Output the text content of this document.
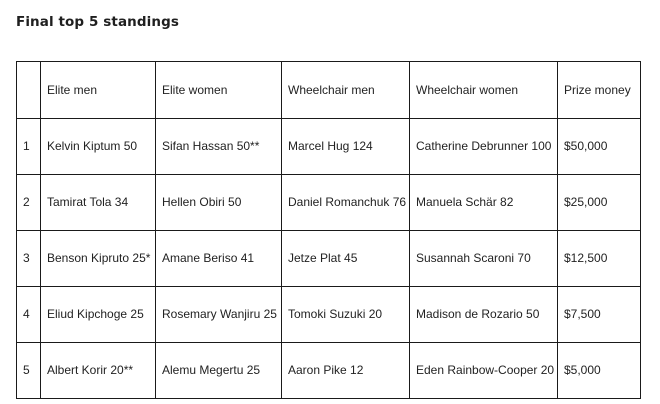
Final top 5 standings
	Elite men	Elite women	Wheelchair men	Wheelchair women	Prize money
1	Kelvin Kiptum 50	Sifan Hassan 50**	Marcel Hug 124	Catherine Debrunner 100	$50,000
2	Tamirat Tola 34	Hellen Obiri 50	Daniel Romanchuk 76	Manuela Schär 82	$25,000
3	Benson Kipruto 25*	Amane Beriso 41	Jetze Plat 45	Susannah Scaroni 70	$12,500
4	Eliud Kipchoge 25	Rosemary Wanjiru 25	Tomoki Suzuki 20	Madison de Rozario 50	$7,500
5	Albert Korir 20**	Alemu Megertu 25	Aaron Pike 12	Eden Rainbow-Cooper 20	$5,000
